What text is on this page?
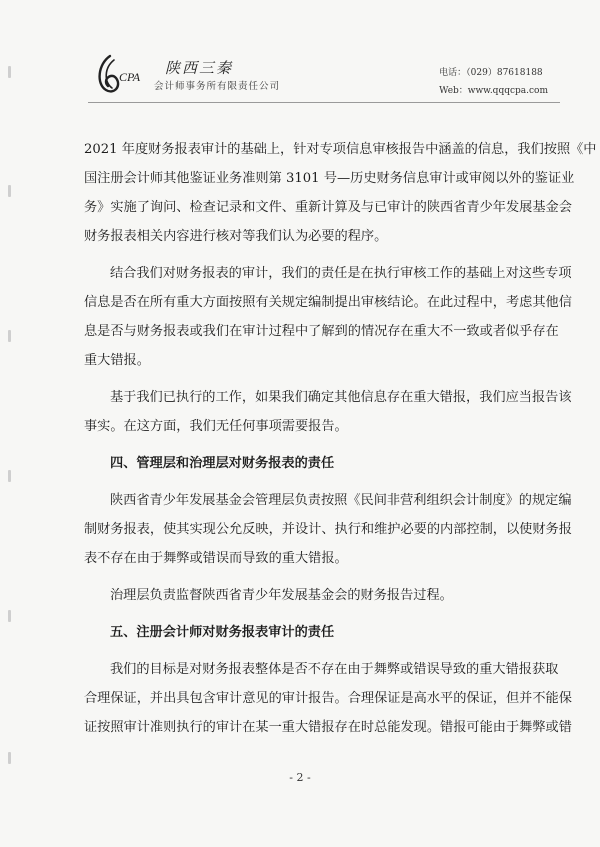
CPA 陕西三秦
会计师事务所有限责任公司
电话：（029）87618188
Web：www.qqqcpa.com
2021 年度财务报表审计的基础上，针对专项信息审核报告中涵盖的信息，我们按照《中
国注册会计师其他鉴证业务准则第 3101 号—历史财务信息审计或审阅以外的鉴证业
务》实施了询问、检查记录和文件、重新计算及与已审计的陕西省青少年发展基金会
财务报表相关内容进行核对等我们认为必要的程序。
结合我们对财务报表的审计，我们的责任是在执行审核工作的基础上对这些专项
信息是否在所有重大方面按照有关规定编制提出审核结论。在此过程中，考虑其他信
息是否与财务报表或我们在审计过程中了解到的情况存在重大不一致或者似乎存在
重大错报。
基于我们已执行的工作，如果我们确定其他信息存在重大错报，我们应当报告该
事实。在这方面，我们无任何事项需要报告。
四、管理层和治理层对财务报表的责任
陕西省青少年发展基金会管理层负责按照《民间非营利组织会计制度》的规定编
制财务报表，使其实现公允反映，并设计、执行和维护必要的内部控制，以使财务报
表不存在由于舞弊或错误而导致的重大错报。
治理层负责监督陕西省青少年发展基金会的财务报告过程。
五、注册会计师对财务报表审计的责任
我们的目标是对财务报表整体是否不存在由于舞弊或错误导致的重大错报获取
合理保证，并出具包含审计意见的审计报告。合理保证是高水平的保证，但并不能保
证按照审计准则执行的审计在某一重大错报存在时总能发现。错报可能由于舞弊或错
- 2 -
